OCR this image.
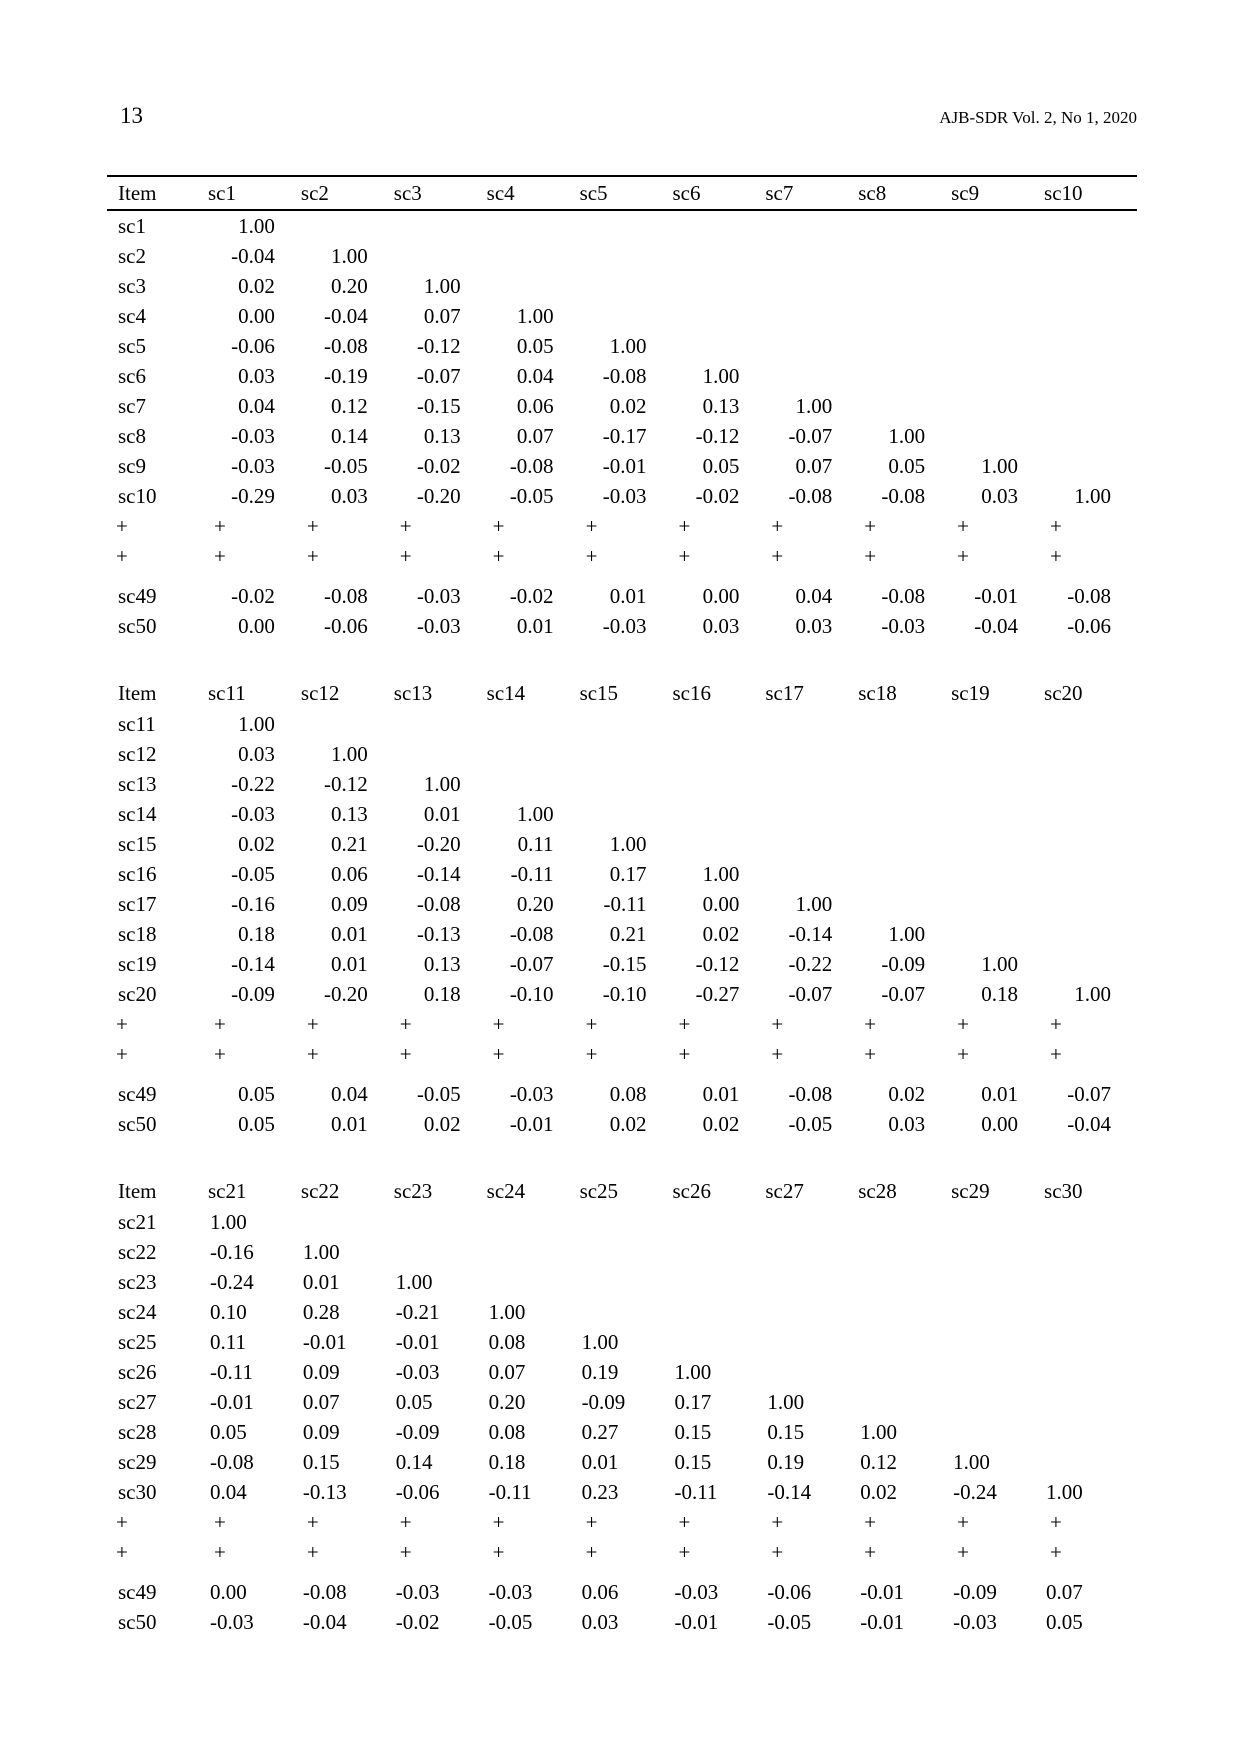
13	AJB-SDR Vol. 2, No 1, 2020
Item	sc1	sc2	sc3	sc4	sc5	sc6	sc7	sc8	sc9	sc10
sc1	1.00									
sc2	-0.04	1.00								
sc3	0.02	0.20	1.00							
sc4	0.00	-0.04	0.07	1.00						
sc5	-0.06	-0.08	-0.12	0.05	1.00					
sc6	0.03	-0.19	-0.07	0.04	-0.08	1.00				
sc7	0.04	0.12	-0.15	0.06	0.02	0.13	1.00			
sc8	-0.03	0.14	0.13	0.07	-0.17	-0.12	-0.07	1.00		
sc9	-0.03	-0.05	-0.02	-0.08	-0.01	0.05	0.07	0.05	1.00	
sc10	-0.29	0.03	-0.20	-0.05	-0.03	-0.02	-0.08	-0.08	0.03	1.00
+	+	+	+	+	+	+	+	+	+	+
+	+	+	+	+	+	+	+	+	+	+
sc49	-0.02	-0.08	-0.03	-0.02	0.01	0.00	0.04	-0.08	-0.01	-0.08
sc50	0.00	-0.06	-0.03	0.01	-0.03	0.03	0.03	-0.03	-0.04	-0.06
Item	sc11	sc12	sc13	sc14	sc15	sc16	sc17	sc18	sc19	sc20
sc11	1.00									
sc12	0.03	1.00								
sc13	-0.22	-0.12	1.00							
sc14	-0.03	0.13	0.01	1.00						
sc15	0.02	0.21	-0.20	0.11	1.00					
sc16	-0.05	0.06	-0.14	-0.11	0.17	1.00				
sc17	-0.16	0.09	-0.08	0.20	-0.11	0.00	1.00			
sc18	0.18	0.01	-0.13	-0.08	0.21	0.02	-0.14	1.00		
sc19	-0.14	0.01	0.13	-0.07	-0.15	-0.12	-0.22	-0.09	1.00	
sc20	-0.09	-0.20	0.18	-0.10	-0.10	-0.27	-0.07	-0.07	0.18	1.00
+	+	+	+	+	+	+	+	+	+	+
+	+	+	+	+	+	+	+	+	+	+
sc49	0.05	0.04	-0.05	-0.03	0.08	0.01	-0.08	0.02	0.01	-0.07
sc50	0.05	0.01	0.02	-0.01	0.02	0.02	-0.05	0.03	0.00	-0.04
Item	sc21	sc22	sc23	sc24	sc25	sc26	sc27	sc28	sc29	sc30
sc21	1.00									
sc22	-0.16	1.00								
sc23	-0.24	0.01	1.00							
sc24	0.10	0.28	-0.21	1.00						
sc25	0.11	-0.01	-0.01	0.08	1.00					
sc26	-0.11	0.09	-0.03	0.07	0.19	1.00				
sc27	-0.01	0.07	0.05	0.20	-0.09	0.17	1.00			
sc28	0.05	0.09	-0.09	0.08	0.27	0.15	0.15	1.00		
sc29	-0.08	0.15	0.14	0.18	0.01	0.15	0.19	0.12	1.00	
sc30	0.04	-0.13	-0.06	-0.11	0.23	-0.11	-0.14	0.02	-0.24	1.00
+	+	+	+	+	+	+	+	+	+	+
+	+	+	+	+	+	+	+	+	+	+
sc49	0.00	-0.08	-0.03	-0.03	0.06	-0.03	-0.06	-0.01	-0.09	0.07
sc50	-0.03	-0.04	-0.02	-0.05	0.03	-0.01	-0.05	-0.01	-0.03	0.05
